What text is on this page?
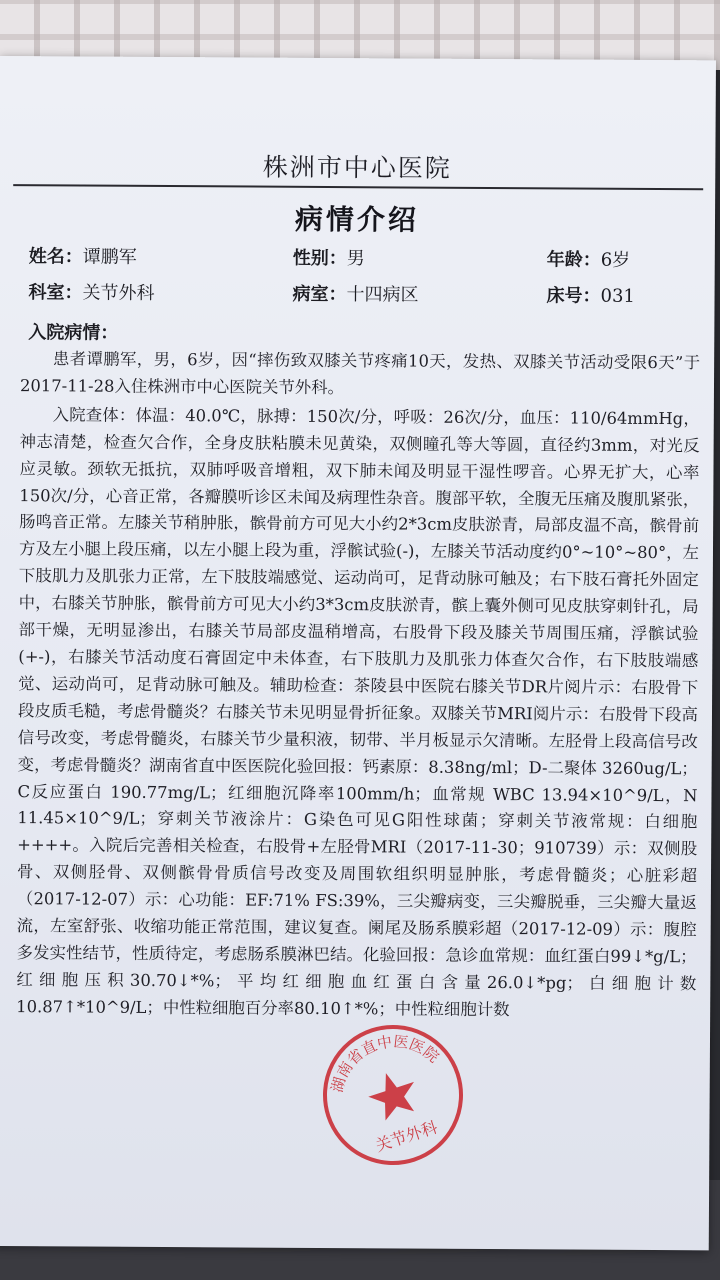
株洲市中心医院
病情介绍
姓名：谭鹏军	性别：男	年龄：6岁
科室：关节外科	病室：十四病区	床号：031
入院病情：

患者谭鹏军，男，6岁，因“摔伤致双膝关节疼痛10天，发热、双膝关节活动受限6天”于2017-11-28入住株洲市中心医院关节外科。

入院查体：体温：40.0℃，脉搏：150次/分，呼吸：26次/分，血压：110/64mmHg，神志清楚，检查欠合作，全身皮肤粘膜未见黄染，双侧瞳孔等大等圆，直径约3mm，对光反应灵敏。颈软无抵抗，双肺呼吸音增粗，双下肺未闻及明显干湿性啰音。心界无扩大，心率150次/分，心音正常，各瓣膜听诊区未闻及病理性杂音。腹部平软，全腹无压痛及腹肌紧张，肠鸣音正常。左膝关节稍肿胀，髌骨前方可见大小约2*3cm皮肤淤青，局部皮温不高，髌骨前方及左小腿上段压痛，以左小腿上段为重，浮髌试验(-)，左膝关节活动度约0°~10°~80°，左下肢肌力及肌张力正常，左下肢肢端感觉、运动尚可，足背动脉可触及；右下肢石膏托外固定中，右膝关节肿胀，髌骨前方可见大小约3*3cm皮肤淤青，髌上囊外侧可见皮肤穿刺针孔，局部干燥，无明显渗出，右膝关节局部皮温稍增高，右股骨下段及膝关节周围压痛，浮髌试验(+-)，右膝关节活动度石膏固定中未体查，右下肢肌力及肌张力体查欠合作，右下肢肢端感觉、运动尚可，足背动脉可触及。辅助检查：茶陵县中医院右膝关节DR片阅片示：右股骨下段皮质毛糙，考虑骨髓炎？右膝关节未见明显骨折征象。双膝关节MRI阅片示：右股骨下段高信号改变，考虑骨髓炎，右膝关节少量积液，韧带、半月板显示欠清晰。左胫骨上段高信号改变，考虑骨髓炎？湖南省直中医医院化验回报：钙素原：8.38ng/ml；D-二聚体 3260ug/L；C反应蛋白 190.77mg/L；红细胞沉降率100mm/h；血常规 WBC 13.94×10^9/L，N 11.45×10^9/L；穿刺关节液涂片：G染色可见G阳性球菌；穿刺关节液常规：白细胞 ++++。入院后完善相关检查，右股骨+左胫骨MRI（2017-11-30；910739）示：双侧股骨、双侧胫骨、双侧髌骨骨质信号改变及周围软组织明显肿胀，考虑骨髓炎；心脏彩超（2017-12-07）示：心功能：EF:71% FS:39%，三尖瓣病变，三尖瓣脱垂，三尖瓣大量返流，左室舒张、收缩功能正常范围，建议复查。阑尾及肠系膜彩超（2017-12-09）示：腹腔多发实性结节，性质待定，考虑肠系膜淋巴结。化验回报：急诊血常规：血红蛋白99↓*g/L；红细胞压积30.70↓*%；平均红细胞血红蛋白含量26.0↓*pg；白细胞计数10.87↑*10^9/L；中性粒细胞百分率80.10↑*%；中性粒细胞计数

湖南省直中医医院
关节外科
